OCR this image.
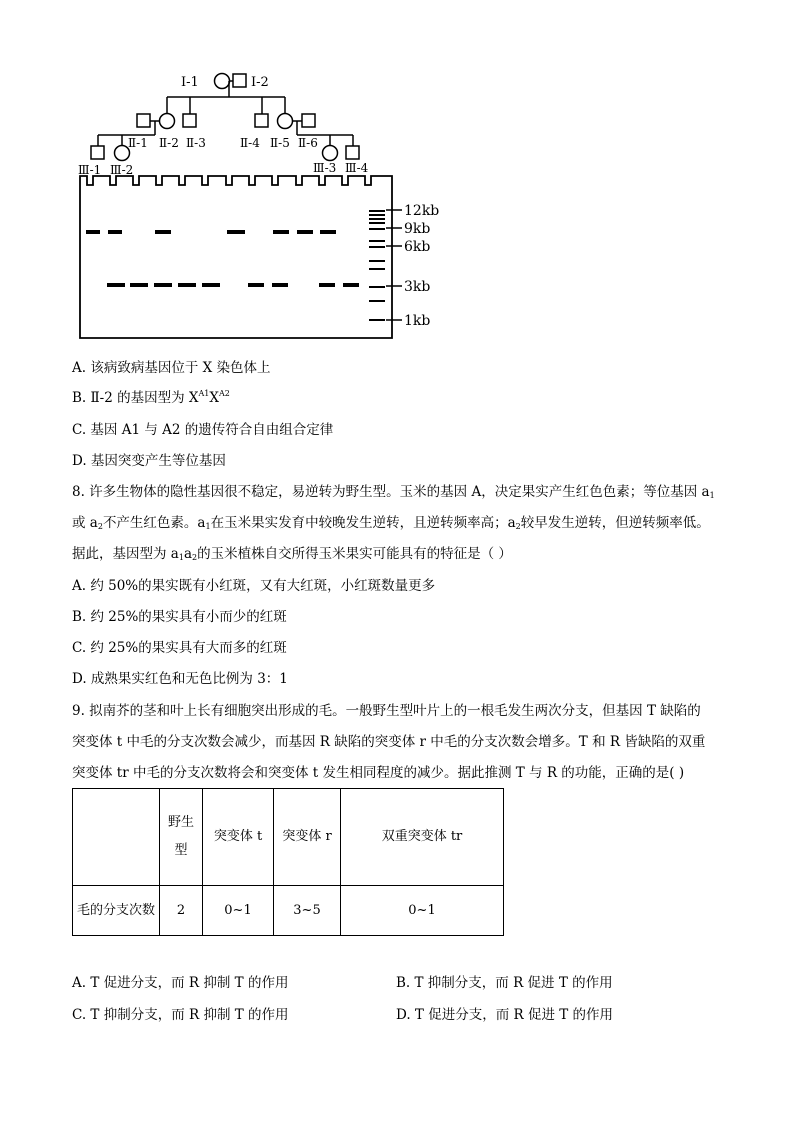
Ⅰ-1	Ⅰ-2
Ⅱ-1 Ⅱ-2 Ⅱ-3	Ⅱ-4 Ⅱ-5 Ⅱ-6
Ⅲ-1 Ⅲ-2	Ⅲ-3 Ⅲ-4
12kb
9kb
6kb
3kb
1kb
A. 该病致病基因位于 X 染色体上
B. Ⅱ-2 的基因型为 $X^{A1}X^{A2}$
C. 基因 A1 与 A2 的遗传符合自由组合定律
D. 基因突变产生等位基因
8. 许多生物体的隐性基因很不稳定，易逆转为野生型。玉米的基因 A，决定果实产生红色色素；等位基因 $a_1$
或 $a_2$不产生红色素。$a_1$在玉米果实发育中较晚发生逆转，且逆转频率高；$a_2$较早发生逆转，但逆转频率低。
据此，基因型为 $a_1a_2$的玉米植株自交所得玉米果实可能具有的特征是（ ）
A. 约 50%的果实既有小红斑，又有大红斑，小红斑数量更多
B. 约 25%的果实具有小而少的红斑
C. 约 25%的果实具有大而多的红斑
D. 成熟果实红色和无色比例为 3：1
9. 拟南芥的茎和叶上长有细胞突出形成的毛。一般野生型叶片上的一根毛发生两次分支，但基因 T 缺陷的
突变体 t 中毛的分支次数会减少，而基因 R 缺陷的突变体 r 中毛的分支次数会增多。T 和 R 皆缺陷的双重
突变体 tr 中毛的分支次数将会和突变体 t 发生相同程度的减少。据此推测 T 与 R 的功能，正确的是( )
	野生型	突变体 t	突变体 r	双重突变体 tr
毛的分支次数	2	0~1	3~5	0~1
A. T 促进分支，而 R 抑制 T 的作用	B. T 抑制分支，而 R 促进 T 的作用
C. T 抑制分支，而 R 抑制 T 的作用	D. T 促进分支，而 R 促进 T 的作用
